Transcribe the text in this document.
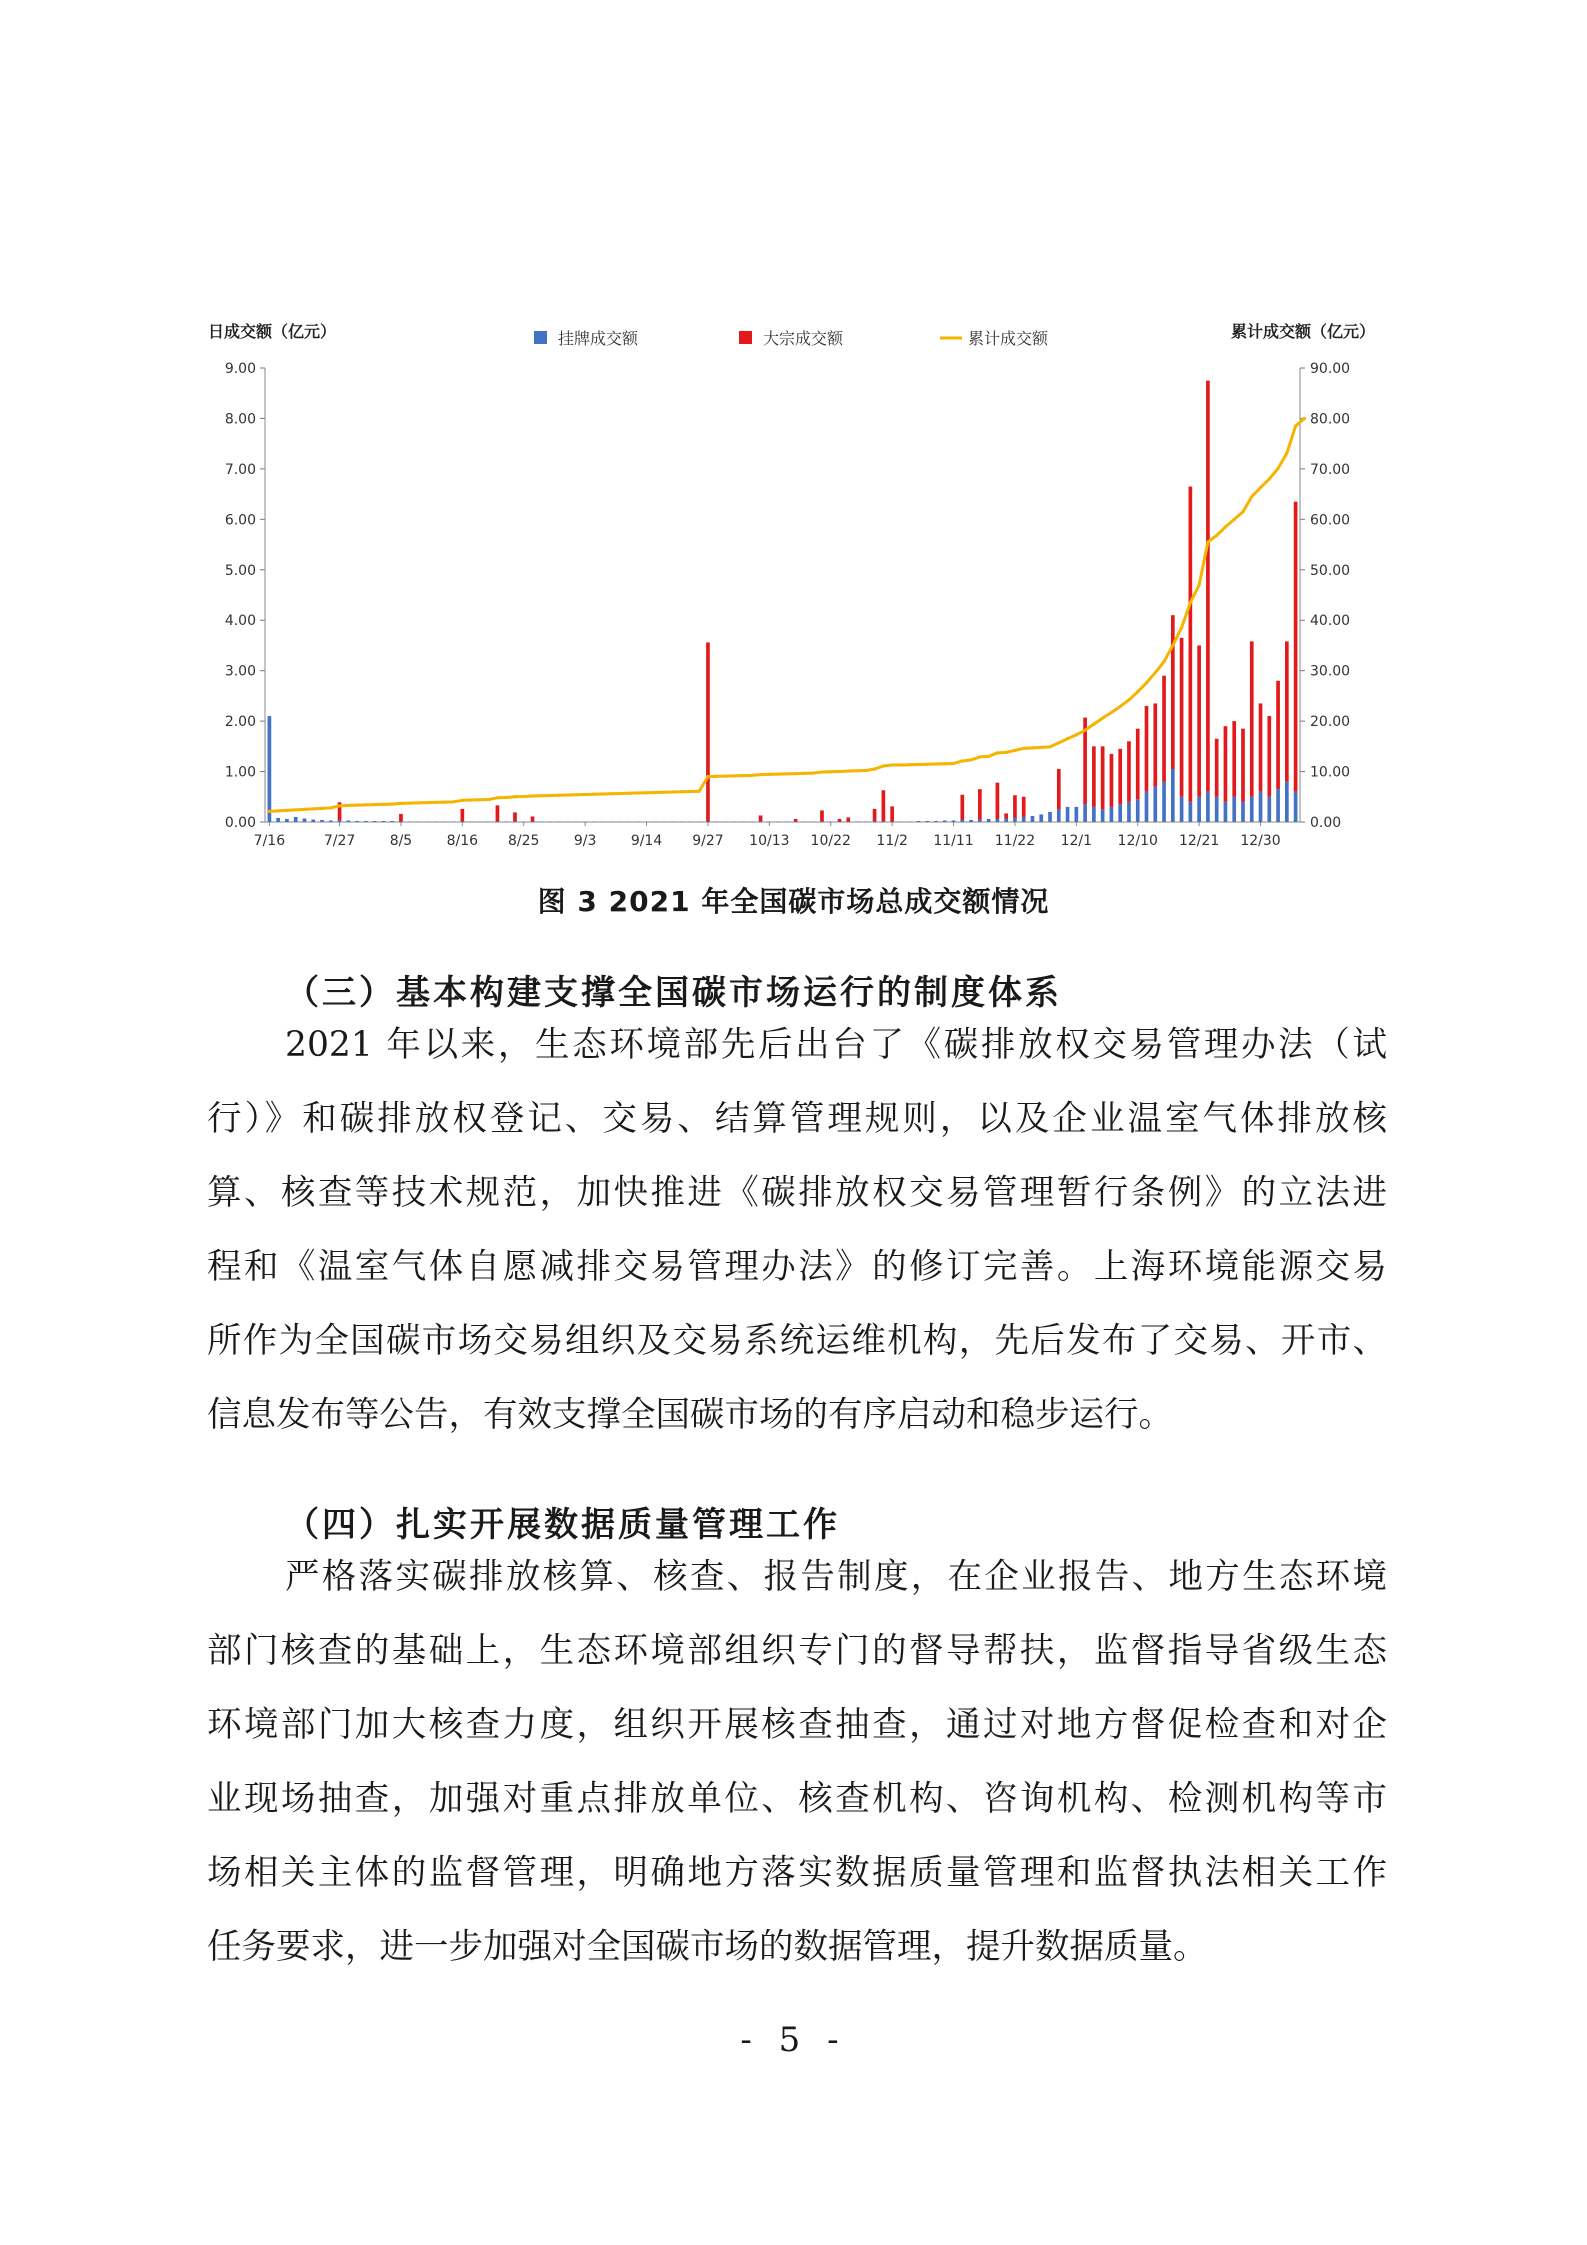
日成交额（亿元）	累计成交额（亿元）
挂牌成交额	大宗成交额	累计成交额
0.00	0.00
1.00	10.00
2.00	20.00
3.00	30.00
4.00	40.00
5.00	50.00
6.00	60.00
7.00	70.00
8.00	80.00
9.00	90.00
7/16	7/27 8/5 8/16 8/25 9/3 9/14 9/27 10/13 10/22 11/2 11/11 11/22 12/1 12/10 12/21 12/30
图 3 2021 年全国碳市场总成交额情况
（三）基本构建支撑全国碳市场运行的制度体系

2021 年以来，生态环境部先后出台了《碳排放权交易管理办法（试
行）》和碳排放权登记、交易、结算管理规则，以及企业温室气体排放核
算、核查等技术规范，加快推进《碳排放权交易管理暂行条例》的立法进
程和《温室气体自愿减排交易管理办法》的修订完善。上海环境能源交易
所作为全国碳市场交易组织及交易系统运维机构，先后发布了交易、开市、
信息发布等公告，有效支撑全国碳市场的有序启动和稳步运行。

（四）扎实开展数据质量管理工作

严格落实碳排放核算、核查、报告制度，在企业报告、地方生态环境
部门核查的基础上，生态环境部组织专门的督导帮扶，监督指导省级生态
环境部门加大核查力度，组织开展核查抽查，通过对地方督促检查和对企
业现场抽查，加强对重点排放单位、核查机构、咨询机构、检测机构等市
场相关主体的监督管理，明确地方落实数据质量管理和监督执法相关工作
任务要求，进一步加强对全国碳市场的数据管理，提升数据质量。

- 5 -
